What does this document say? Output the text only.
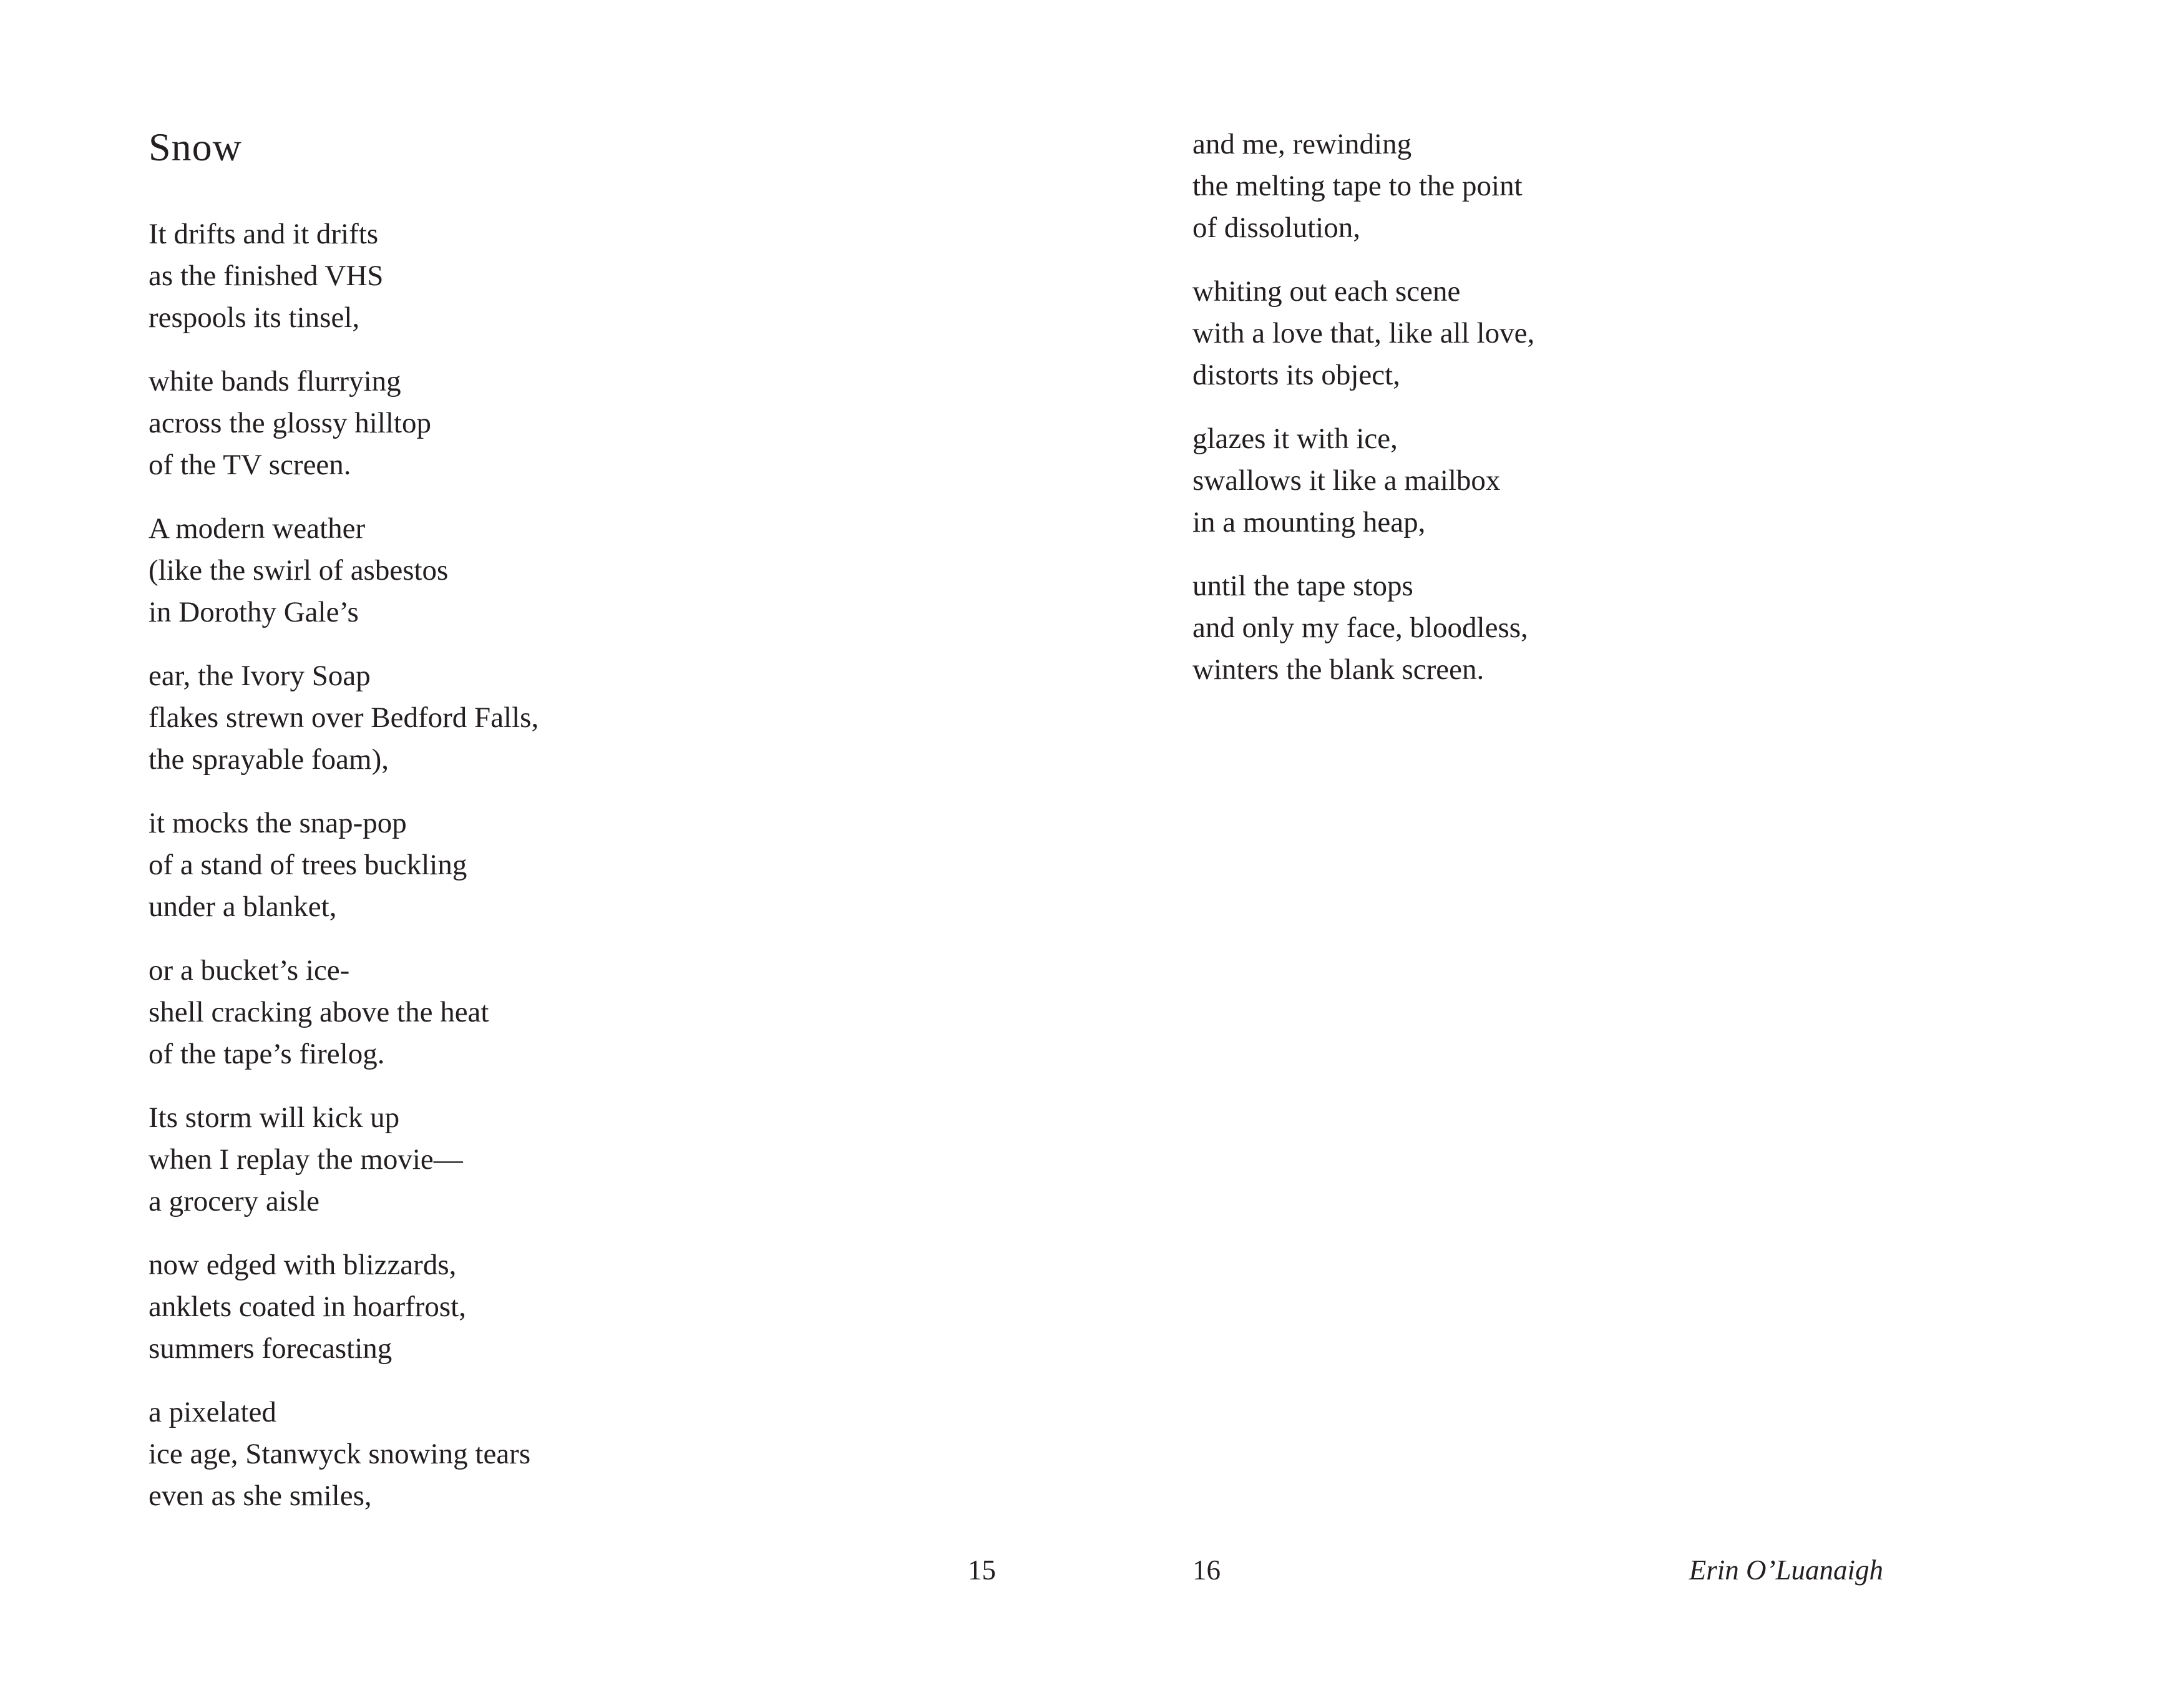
Snow
It drifts and it drifts
as the finished VHS
respools its tinsel,
white bands flurrying
across the glossy hilltop
of the TV screen.
A modern weather
(like the swirl of asbestos
in Dorothy Gale’s
ear, the Ivory Soap
flakes strewn over Bedford Falls,
the sprayable foam),
it mocks the snap-pop
of a stand of trees buckling
under a blanket,
or a bucket’s ice-
shell cracking above the heat
of the tape’s firelog.
Its storm will kick up
when I replay the movie—
a grocery aisle
now edged with blizzards,
anklets coated in hoarfrost,
summers forecasting
a pixelated
ice age, Stanwyck snowing tears
even as she smiles,
15
and me, rewinding
the melting tape to the point
of dissolution,
whiting out each scene
with a love that, like all love,
distorts its object,
glazes it with ice,
swallows it like a mailbox
in a mounting heap,
until the tape stops
and only my face, bloodless,
winters the blank screen.
16	Erin O’Luanaigh
